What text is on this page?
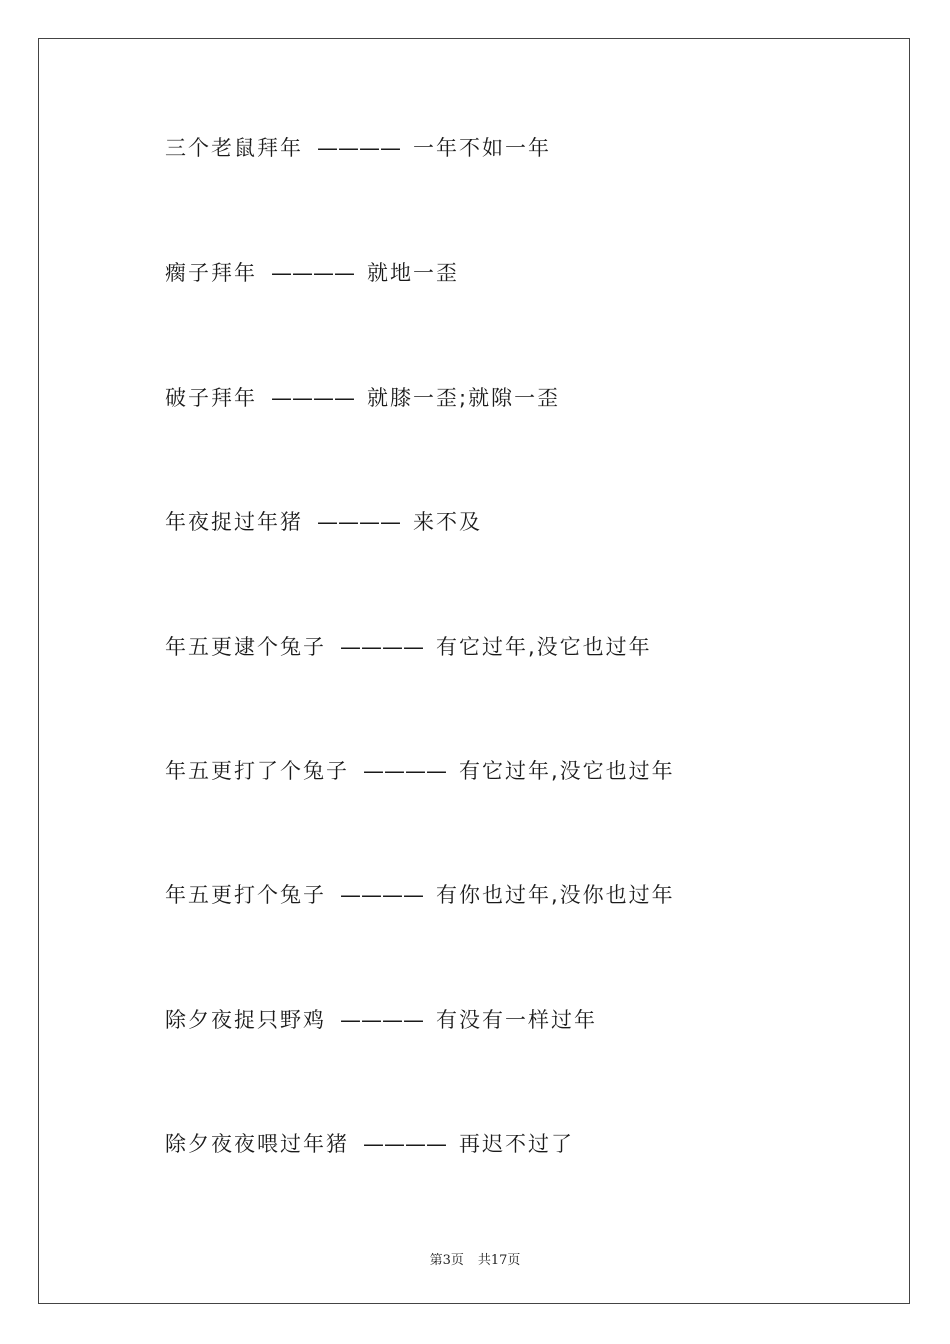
三个老鼠拜年 ———— 一年不如一年
瘸子拜年 ———— 就地一歪
破子拜年 ———— 就膝一歪;就隙一歪
年夜捉过年猪 ———— 来不及
年五更逮个兔子 ———— 有它过年,没它也过年
年五更打了个兔子 ———— 有它过年,没它也过年
年五更打个兔子 ———— 有你也过年,没你也过年
除夕夜捉只野鸡 ———— 有没有一样过年
除夕夜夜喂过年猪 ———— 再迟不过了
第3页 共17页
